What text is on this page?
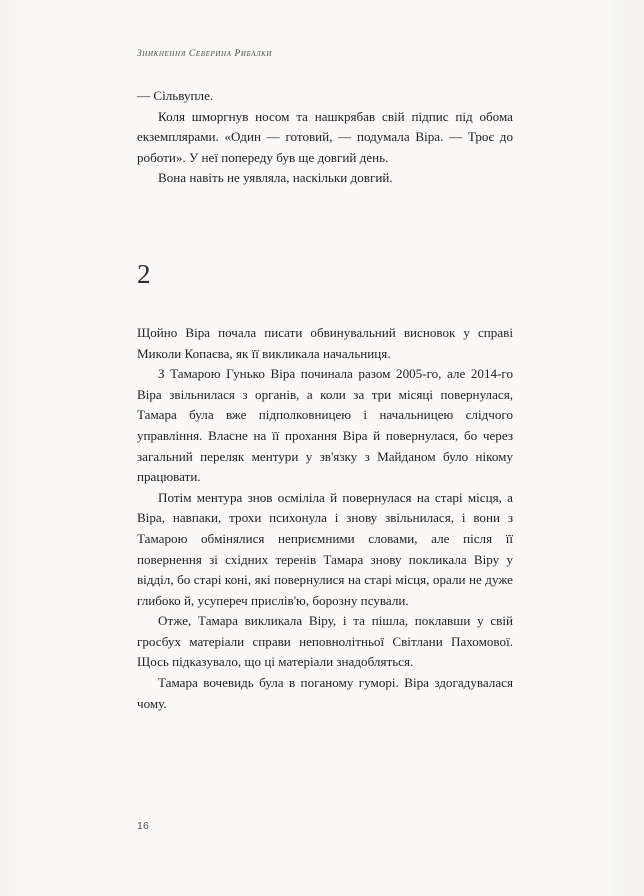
Зникнення Северина Рибалки

— Сільвупле.

Коля шморгнув носом та нашкрябав свій підпис під обома екземплярами. «Один — готовий, — подумала Віра. — Троє до роботи». У неї попереду був ще довгий день.

Вона навіть не уявляла, наскільки довгий.

2

Щойно Віра почала писати обвинувальний висновок у справі Миколи Копаєва, як її викликала начальниця.

З Тамарою Гунько Віра починала разом 2005-го, але 2014-го Віра звільнилася з органів, а коли за три місяці повернулася, Тамара була вже підполковницею і начальницею слідчого управління. Власне на її прохання Віра й повернулася, бо через загальний переляк ментури у зв'язку з Майданом було нікому працювати.

Потім ментура знов осміліла й повернулася на старі місця, а Віра, навпаки, трохи психонула і знову звільнилася, і вони з Тамарою обмінялися неприємними словами, але після її повернення зі східних теренів Тамара знову покликала Віру у відділ, бо старі коні, які повернулися на старі місця, орали не дуже глибоко й, усупереч прислів'ю, борозну псували.

Отже, Тамара викликала Віру, і та пішла, поклавши у свій гросбух матеріали справи неповнолітньої Світлани Пахомової. Щось підказувало, що ці матеріали знадобляться.

Тамара вочевидь була в поганому гуморі. Віра здогадувалася чому.

16
